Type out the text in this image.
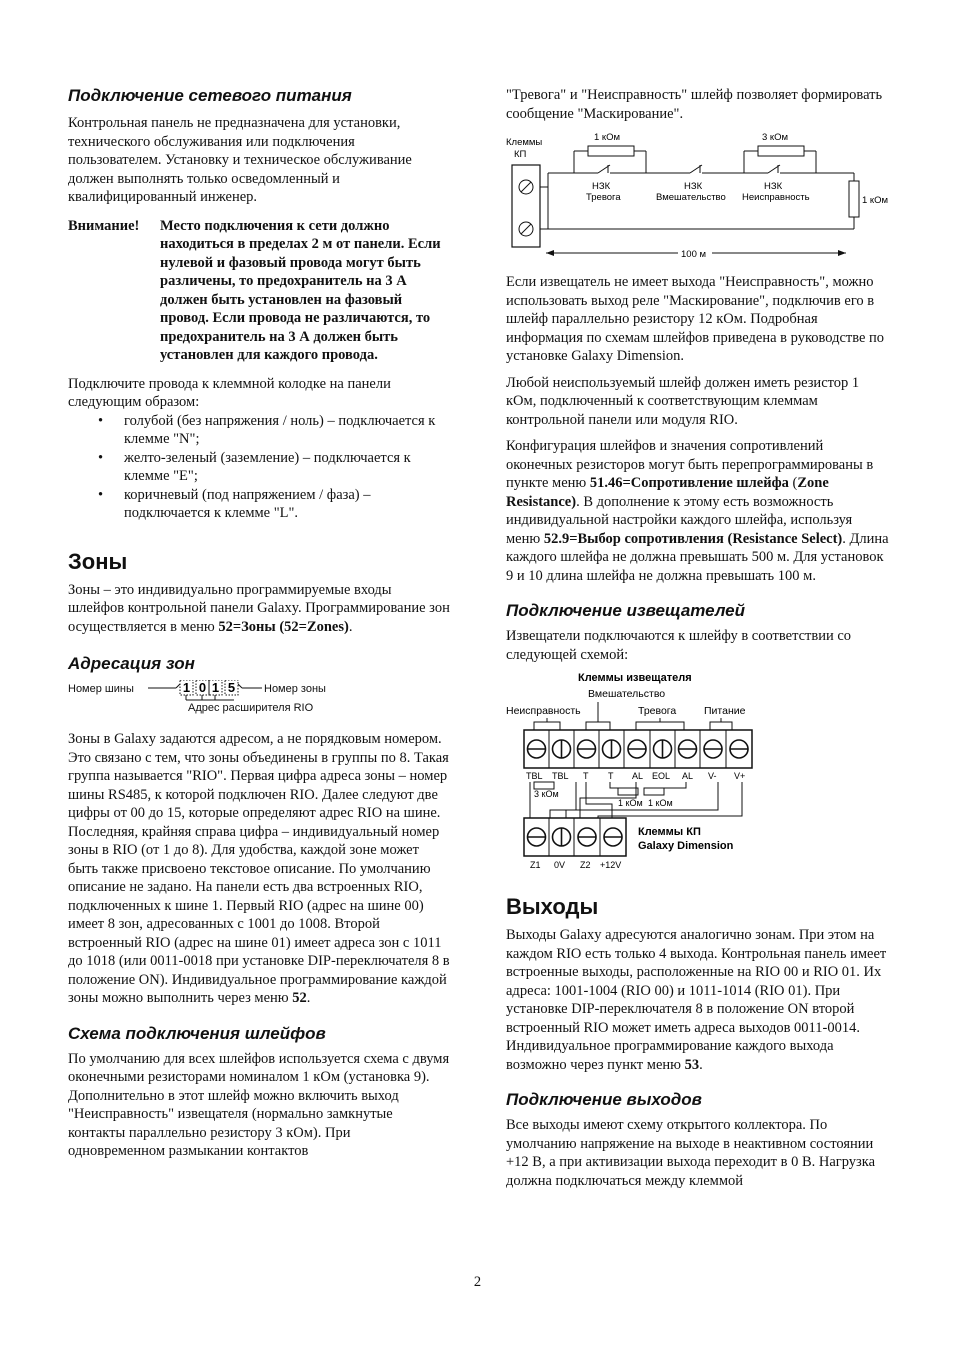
Подключение сетевого питания

Контрольная панель не предназначена для установки, технического обслуживания или подключения пользователем. Установку и техническое обслуживание должен выполнять только осведомленный и квалифицированный инженер.

Внимание!	Место подключения к сети должно находиться в пределах 2 м от панели. Если нулевой и фазовый провода могут быть различены, то предохранитель на 3 А должен быть установлен на фазовый провод. Если провода не различаются, то предохранитель на 3 А должен быть установлен для каждого провода.

Подключите провода к клеммной колодке на панели следующим образом:

• голубой (без напряжения / ноль) – подключается к клемме "N";
• желто-зеленый (заземление) – подключается к клемме "E";
• коричневый (под напряжением / фаза) – подключается к клемме "L".
Зоны

Зоны – это индивидуально программируемые входы шлейфов контрольной панели Galaxy. Программирование зон осуществляется в меню 52=Зоны (52=Zones).

Адресация зон
Номер шины	1 0 1 5	Номер зоны
Адрес расширителя RIO

Зоны в Galaxy задаются адресом, а не порядковым номером. Это связано с тем, что зоны объединены в группы по 8. Такая группа называется "RIO". Первая цифра адреса зоны – номер шины RS485, к которой подключен RIO. Далее следуют две цифры от 00 до 15, которые определяют адрес RIO на шине. Последняя, крайняя справа цифра – индивидуальный номер зоны в RIO (от 1 до 8). Для удобства, каждой зоне может быть также присвоено текстовое описание. По умолчанию описание не задано. На панели есть два встроенных RIO, подключенных к шине 1. Первый RIO (адрес на шине 00) имеет 8 зон, адресованных с 1001 до 1008. Второй встроенный RIO (адрес на шине 01) имеет адреса зон с 1011 до 1018 (или 0011-0018 при установке DIP-переключателя 8 в положение ON). Индивидуальное программирование каждой зоны можно выполнить через меню 52.

Схема подключения шлейфов

По умолчанию для всех шлейфов используется схема с двумя оконечными резисторами номиналом 1 кОм (установка 9). Дополнительно в этот шлейф можно включить выход "Неисправность" извещателя (нормально замкнутые контакты параллельно резистору 3 кОм). При одновременном размыкании контактов

"Тревога" и "Неисправность" шлейф позволяет формировать сообщение "Маскирование".

Клеммы
КП
1 кОм
НЗК
Тревога
НЗК
Вмешательство
3 кОм
НЗК
Неисправность	1 кОм
100 м

Если извещатель не имеет выхода "Неисправность", можно использовать выход реле "Маскирование", подключив его в шлейф параллельно резистору 12 кОм. Подробная информация по схемам шлейфов приведена в руководстве по установке Galaxy Dimension.

Любой неиспользуемый шлейф должен иметь резистор 1 кОм, подключенный к соответствующим клеммам контрольной панели или модуля RIO.

Конфигурация шлейфов и значения сопротивлений оконечных резисторов могут быть перепрограммированы в пункте меню 51.46=Сопротивление шлейфа (Zone Resistance). В дополнение к этому есть возможность индивидуальной настройки каждого шлейфа, используя меню 52.9=Выбор сопротивления (Resistance Select). Длина каждого шлейфа не должна превышать 500 м. Для установок 9 и 10 длина шлейфа не должна превышать 100 м.

Подключение извещателей

Извещатели подключаются к шлейфу в соответствии со следующей схемой:

Клеммы извещателя
Вмешательство
Неисправность	Тревога	Питание
TBL TBL T T AL EOL AL V- V+
3 кОм
1 кОм 1 кОм
Клеммы КП
Galaxy Dimension
Z1 0V Z2 +12V
Выходы

Выходы Galaxy адресуются аналогично зонам. При этом на каждом RIO есть только 4 выхода. Контрольная панель имеет встроенные выходы, расположенные на RIO 00 и RIO 01. Их адреса: 1001-1004 (RIO 00) и 1011-1014 (RIO 01). При установке DIP-переключателя 8 в положение ON второй встроенный RIO может иметь адреса выходов 0011-0014. Индивидуальное программирование каждого выхода возможно через пункт меню 53.

Подключение выходов

Все выходы имеют схему открытого коллектора. По умолчанию напряжение на выходе в неактивном состоянии +12 В, а при активизации выхода переходит в 0 В. Нагрузка должна подключаться между клеммой

2
